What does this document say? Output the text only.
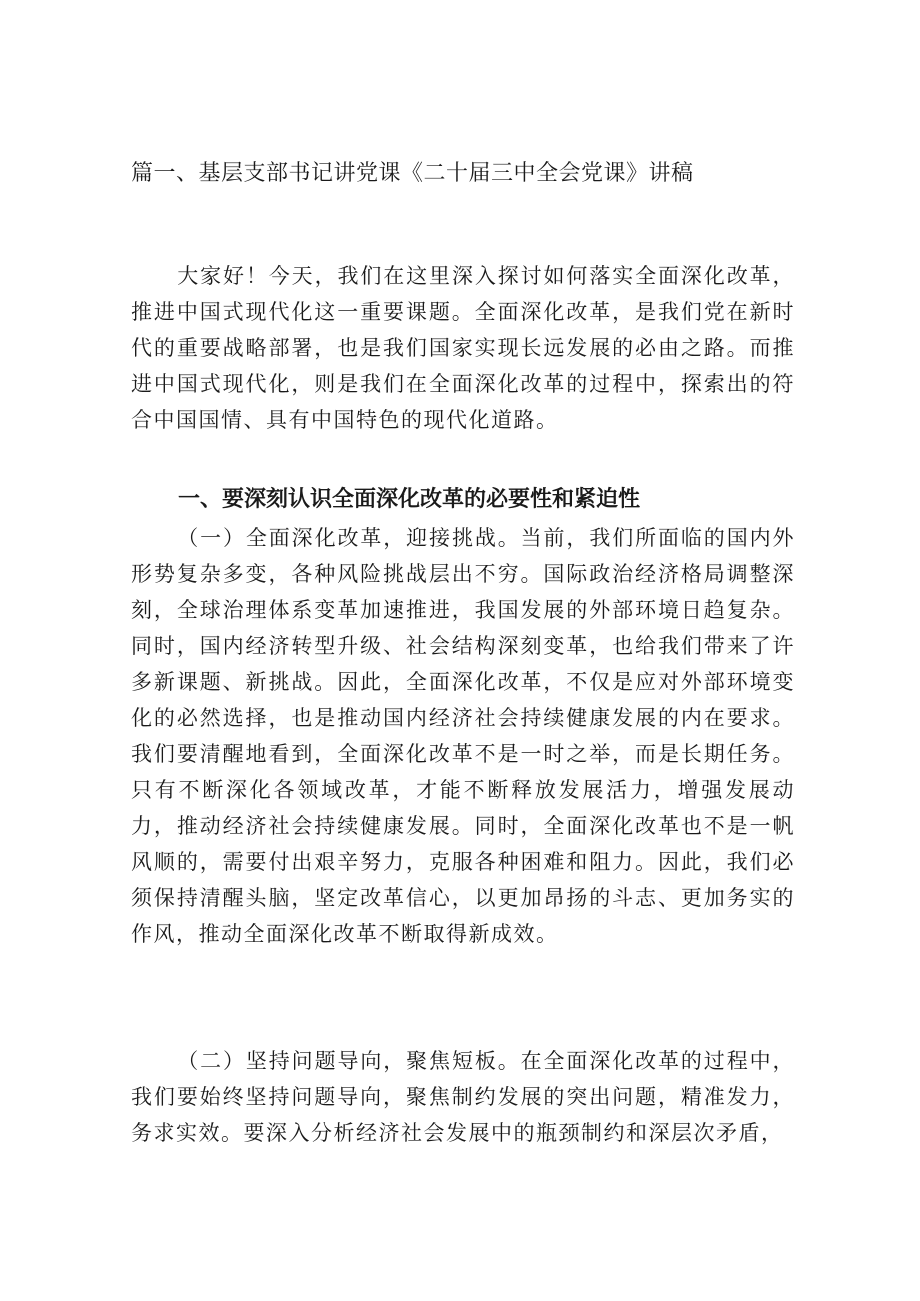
篇一、基层支部书记讲党课《二十届三中全会党课》讲稿

大家好！今天，我们在这里深入探讨如何落实全面深化改革，推进中国式现代化这一重要课题。全面深化改革，是我们党在新时代的重要战略部署，也是我们国家实现长远发展的必由之路。而推进中国式现代化，则是我们在全面深化改革的过程中，探索出的符合中国国情、具有中国特色的现代化道路。

一、要深刻认识全面深化改革的必要性和紧迫性

（一）全面深化改革，迎接挑战。当前，我们所面临的国内外形势复杂多变，各种风险挑战层出不穷。国际政治经济格局调整深刻，全球治理体系变革加速推进，我国发展的外部环境日趋复杂。同时，国内经济转型升级、社会结构深刻变革，也给我们带来了许多新课题、新挑战。因此，全面深化改革，不仅是应对外部环境变化的必然选择，也是推动国内经济社会持续健康发展的内在要求。我们要清醒地看到，全面深化改革不是一时之举，而是长期任务。只有不断深化各领域改革，才能不断释放发展活力，增强发展动力，推动经济社会持续健康发展。同时，全面深化改革也不是一帆风顺的，需要付出艰辛努力，克服各种困难和阻力。因此，我们必须保持清醒头脑，坚定改革信心，以更加昂扬的斗志、更加务实的作风，推动全面深化改革不断取得新成效。

（二）坚持问题导向，聚焦短板。在全面深化改革的过程中，我们要始终坚持问题导向，聚焦制约发展的突出问题，精准发力，务求实效。要深入分析经济社会发展中的瓶颈制约和深层次矛盾，
